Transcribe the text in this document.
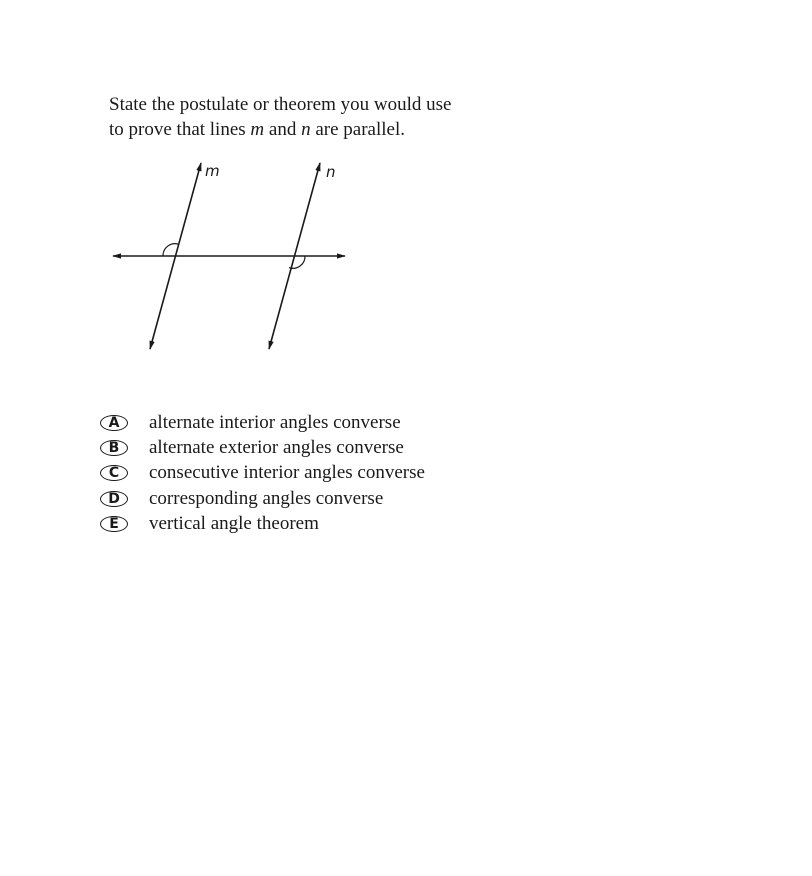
State the postulate or theorem you would use
to prove that lines m and n are parallel.
m	n
A	alternate interior angles converse
B	alternate exterior angles converse
C	consecutive interior angles converse
D	corresponding angles converse
E	vertical angle theorem
